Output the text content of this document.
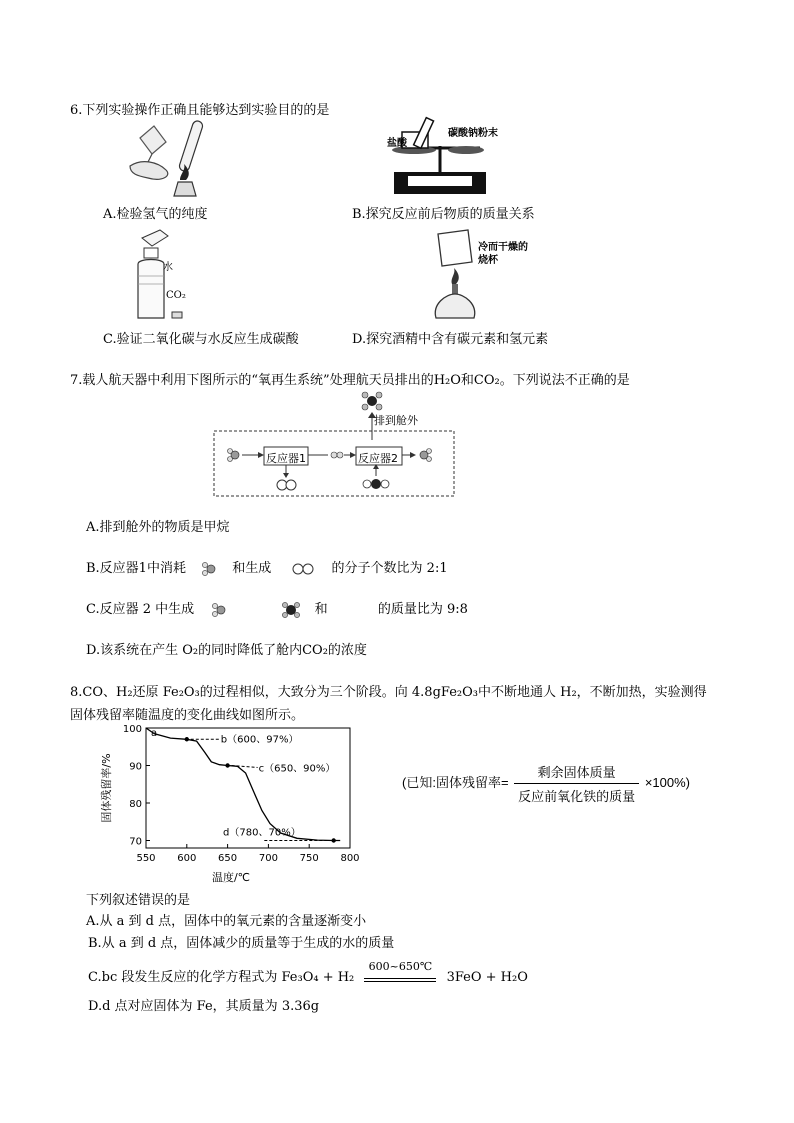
6.下列实验操作正确且能够达到实验目的的是
A.检验氢气的纯度
盐酸
碳酸钠粉末
B.探究反应前后物质的质量关系
水
CO₂
C.验证二氧化碳与水反应生成碳酸
冷而干燥的烧杯
D.探究酒精中含有碳元素和氢元素
7.载人航天器中利用下图所示的“氧再生系统”处理航天员排出的H₂O和CO₂。下列说法不正确的是
排到舱外
反应器1	反应器2
A.排到舱外的物质是甲烷
B.反应器1中消耗	和生成	的分子个数比为 2:1
C.反应器 2 中生成	和	的质量比为 9:8
D.该系统在产生 O₂的同时降低了舱内CO₂的浓度
8.CO、H₂还原 Fe₂O₃的过程相似，大致分为三个阶段。向 4.8gFe₂O₃中不断地通人 H₂，不断加热，实验测得
固体残留率随温度的变化曲线如图所示。
550 600 650 700 750 800
70
80
90
100 a
b（600、97%）
c（650、90%）
d（780、70%）
温度/℃
固体残留率/%	(已知:固体残留率=
剩余固体质量
反应前氧化铁的质量
×100%)
下列叙述错误的是
A.从 a 到 d 点，固体中的氧元素的含量逐渐变小
B.从 a 到 d 点，固体减少的质量等于生成的水的质量
C.bc 段发生反应的化学方程式为 Fe₃O₄ + H₂
600~650℃
3FeO + H₂O
D.d 点对应固体为 Fe，其质量为 3.36g
